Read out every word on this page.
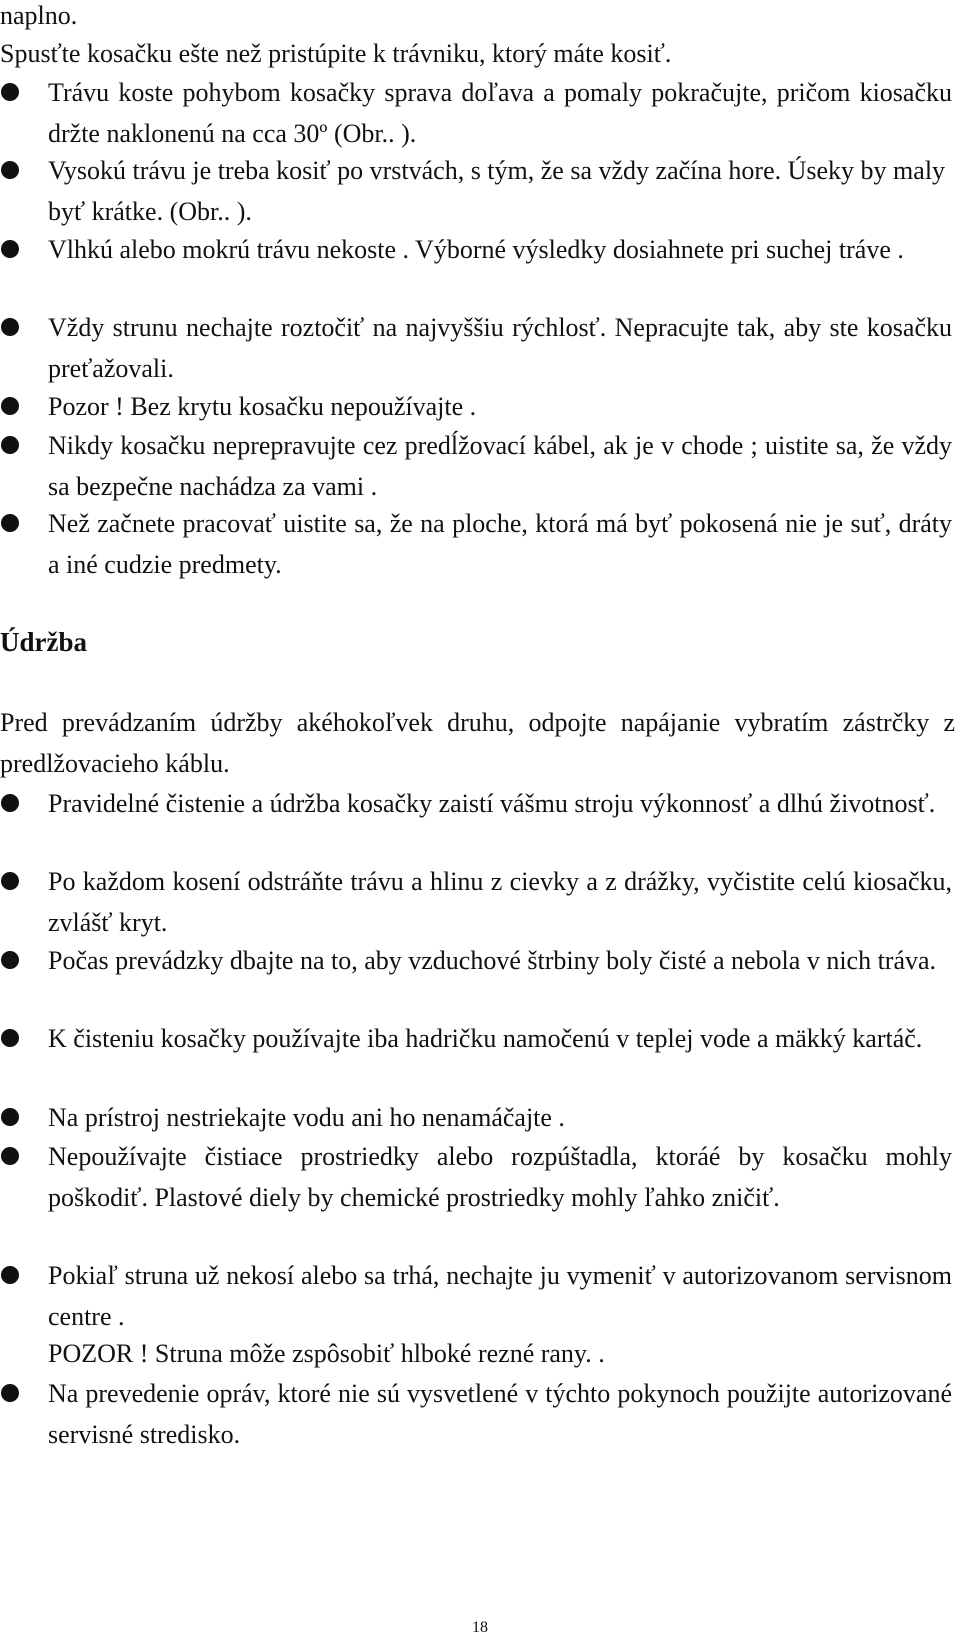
naplno.
Spusťte kosačku ešte než pristúpite k trávniku, ktorý máte kosiť.
Trávu koste pohybom kosačky sprava doľava a pomaly pokračujte, pričom kiosačku držte naklonenú na cca 30º (Obr.. ).
Vysokú trávu je treba kosiť po vrstvách, s tým, že sa vždy začína hore. Úseky by maly byť krátke. (Obr.. ).
Vlhkú alebo mokrú trávu nekoste . Výborné výsledky dosiahnete pri suchej tráve .
Vždy strunu nechajte roztočiť na najvyššiu rýchlosť. Nepracujte tak, aby ste kosačku preťažovali.
Pozor ! Bez krytu kosačku nepoužívajte .
Nikdy kosačku neprepravujte cez predĺžovací kábel, ak je v chode ; uistite sa, že vždy sa bezpečne nachádza za vami .
Než začnete pracovať uistite sa, že na ploche, ktorá má byť pokosená nie je suť, dráty a iné cudzie predmety.
Údržba
Pred prevádzaním údržby akéhokoľvek druhu, odpojte napájanie vybratím zástrčky z predlžovacieho káblu.
Pravidelné čistenie a údržba kosačky zaistí vášmu stroju výkonnosť a dlhú životnosť.
Po každom kosení odstráňte trávu a hlinu z cievky a z drážky, vyčistite celú kiosačku, zvlášť kryt.
Počas prevádzky dbajte na to, aby vzduchové štrbiny boly čisté a nebola v nich tráva.
K čisteniu kosačky používajte iba hadričku namočenú v teplej vode a mäkký kartáč.
Na prístroj nestriekajte vodu ani ho nenamáčajte .
Nepoužívajte čistiace prostriedky alebo rozpúštadla, ktoráé by kosačku mohly poškodiť. Plastové diely by chemické prostriedky mohly ľahko zničiť.
Pokiaľ struna už nekosí alebo sa trhá, nechajte ju vymeniť v autorizovanom servisnom centre .
POZOR ! Struna môže zspôsobiť hlboké rezné rany. .
Na prevedenie opráv, ktoré nie sú vysvetlené v týchto pokynoch použijte autorizované servisné stredisko.
18
